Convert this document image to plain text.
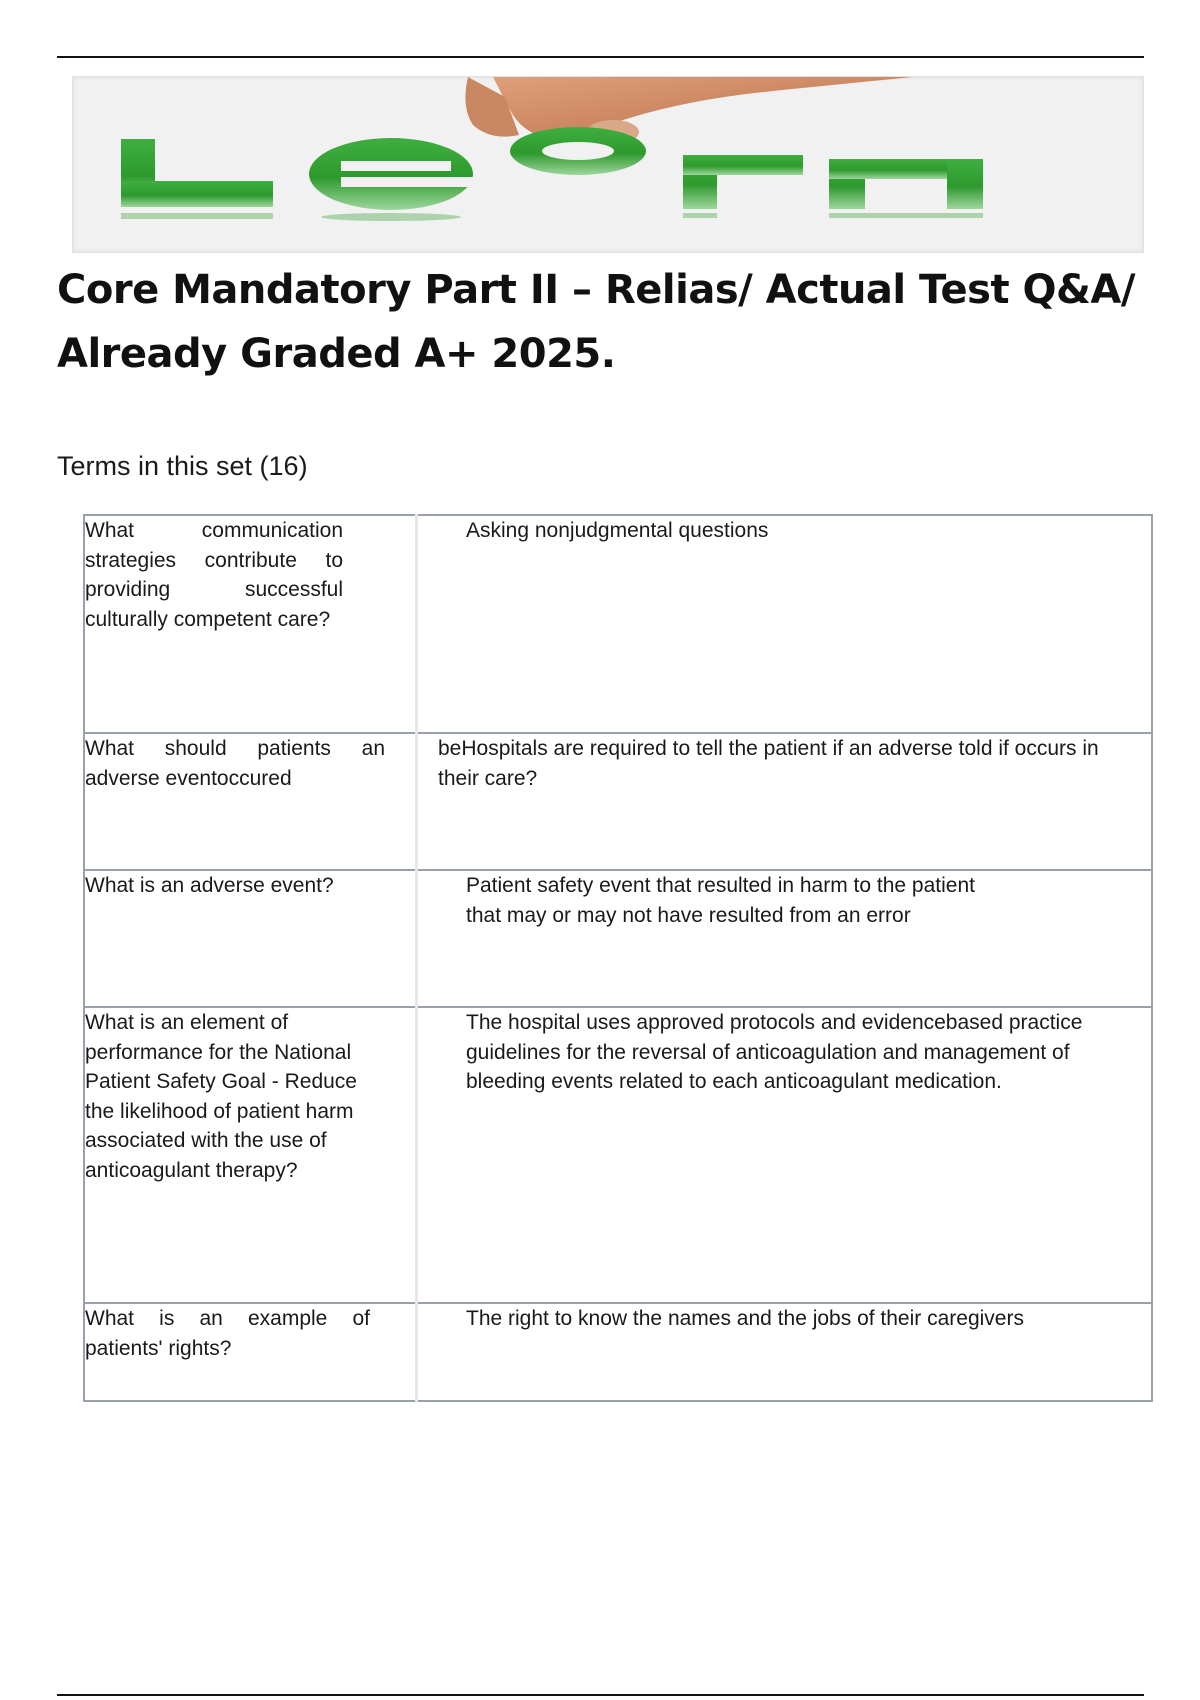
Core Mandatory Part II – Relias/ Actual Test Q&A/ Already Graded A+ 2025.

Terms in this set (16)

What communication strategies contribute to providing successful culturally competent care?	Asking nonjudgmental questions

What should patients an adverse eventoccured	beHospitals are required to tell the patient if an adverse told if occurs in their care?

What is an adverse event?	Patient safety event that resulted in harm to the patient that may or may not have resulted from an error

What is an element of performance for the National Patient Safety Goal - Reduce the likelihood of patient harm associated with the use of anticoagulant therapy?	The hospital uses approved protocols and evidencebased practice guidelines for the reversal of anticoagulation and management of bleeding events related to each anticoagulant medication.

What is an example of patients' rights?	The right to know the names and the jobs of their caregivers
